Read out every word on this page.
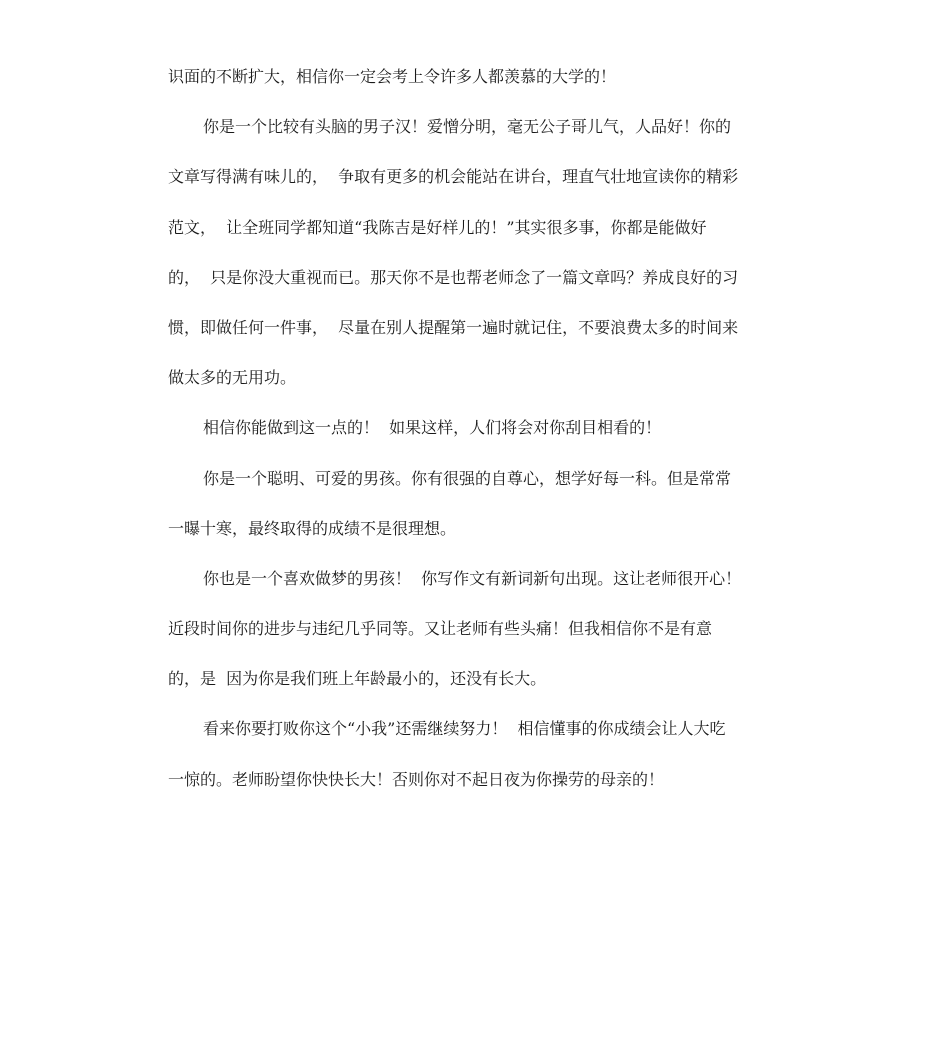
识面的不断扩大，相信你一定会考上令许多人都羡慕的大学的！
你是一个比较有头脑的男子汉！爱憎分明，毫无公子哥儿气，人品好！你的
文章写得满有味儿的，  争取有更多的机会能站在讲台，理直气壮地宣读你的精彩
范文，  让全班同学都知道“我陈吉是好样儿的！”其实很多事，你都是能做好
的，  只是你没大重视而已。那天你不是也帮老师念了一篇文章吗？养成良好的习
惯，即做任何一件事，  尽量在别人提醒第一遍时就记住，不要浪费太多的时间来
做太多的无用功。
相信你能做到这一点的！  如果这样，人们将会对你刮目相看的！
你是一个聪明、可爱的男孩。你有很强的自尊心，想学好每一科。但是常常
一曝十寒，最终取得的成绩不是很理想。
你也是一个喜欢做梦的男孩！  你写作文有新词新句出现。这让老师很开心！
近段时间你的进步与违纪几乎同等。又让老师有些头痛！但我相信你不是有意
的，是  因为你是我们班上年龄最小的，还没有长大。
看来你要打败你这个“小我”还需继续努力！  相信懂事的你成绩会让人大吃
一惊的。老师盼望你快快长大！否则你对不起日夜为你操劳的母亲的！
